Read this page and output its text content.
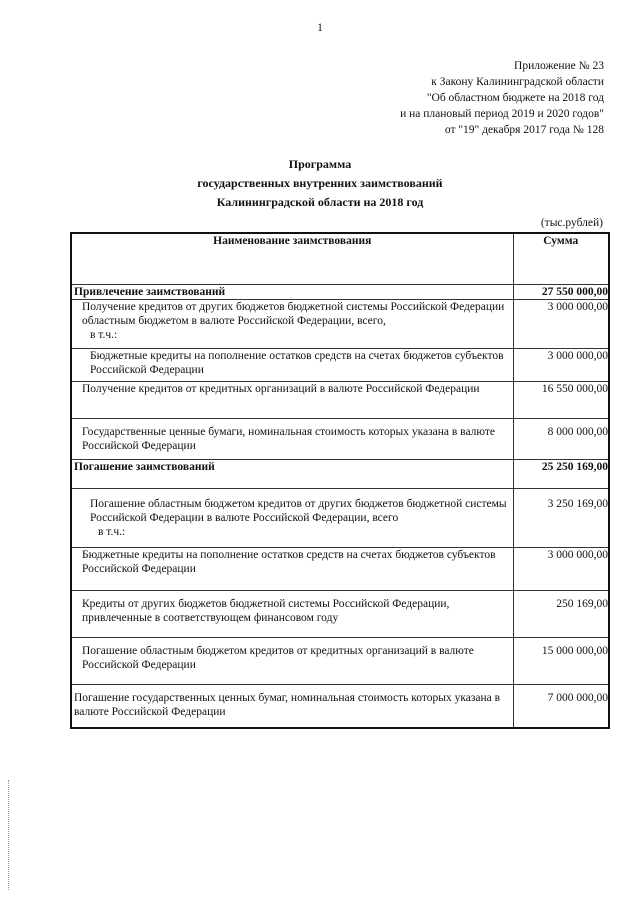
1
Приложение № 23
к Закону Калининградской области
"Об областном бюджете на 2018 год
и на плановый период 2019 и 2020 годов"
от "19" декабря 2017 года № 128
Программа
государственных внутренних заимствований
Калининградской области на 2018 год
(тыс.рублей)
Наименование заимствования	Сумма
Привлечение заимствований	27 550 000,00
Получение кредитов от других бюджетов бюджетной системы Российской Федерации областным бюджетом в валюте Российской Федерации, всего,
в т.ч.:	3 000 000,00
Бюджетные кредиты на пополнение остатков средств на счетах бюджетов субъектов Российской Федерации	3 000 000,00
Получение кредитов от кредитных организаций в валюте Российской Федерации	16 550 000,00
Государственные ценные бумаги, номинальная стоимость которых указана в валюте Российской Федерации	8 000 000,00
Погашение заимствований	25 250 169,00
Погашение областным бюджетом кредитов от других бюджетов бюджетной системы Российской Федерации в валюте Российской Федерации, всего
в т.ч.:	3 250 169,00
Бюджетные кредиты на пополнение остатков средств на счетах бюджетов субъектов Российской Федерации	3 000 000,00
Кредиты от других бюджетов бюджетной системы Российской Федерации, привлеченные в соответствующем финансовом году	250 169,00
Погашение областным бюджетом кредитов от кредитных организаций в валюте Российской Федерации	15 000 000,00
Погашение государственных ценных бумаг, номинальная стоимость которых указана в валюте Российской Федерации	7 000 000,00
